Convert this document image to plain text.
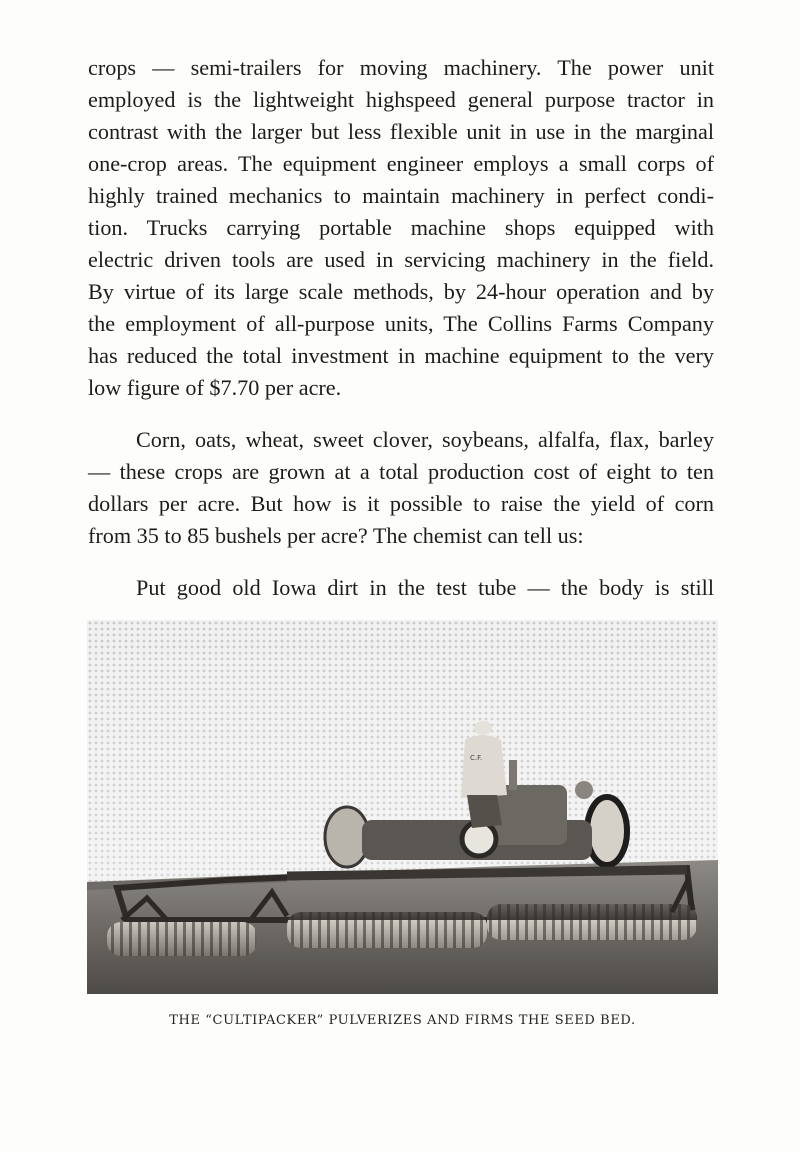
crops — semi-trailers for moving machinery. The power unit
employed is the lightweight highspeed general purpose tractor in
contrast with the larger but less flexible unit in use in the marginal
one-crop areas. The equipment engineer employs a small corps of
highly trained mechanics to maintain machinery in perfect condi-
tion. Trucks carrying portable machine shops equipped with
electric driven tools are used in servicing machinery in the field.
By virtue of its large scale methods, by 24-hour operation and by
the employment of all-purpose units, The Collins Farms Company
has reduced the total investment in machine equipment to the very
low figure of $7.70 per acre.
Corn, oats, wheat, sweet clover, soybeans, alfalfa, flax, barley
— these crops are grown at a total production cost of eight to ten
dollars per acre. But how is it possible to raise the yield of corn
from 35 to 85 bushels per acre? The chemist can tell us:
Put good old Iowa dirt in the test tube — the body is still
C.F.
THE “CULTIPACKER” PULVERIZES AND FIRMS THE SEED BED.
